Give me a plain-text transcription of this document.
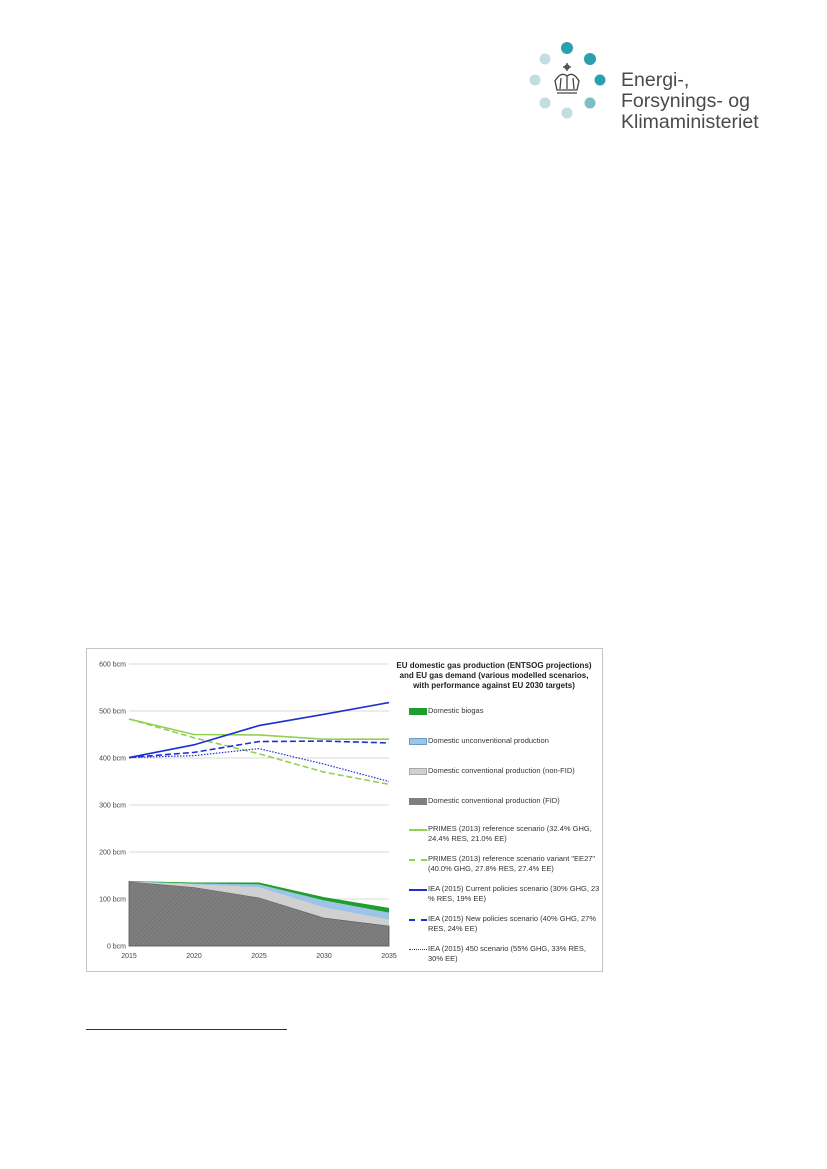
Energi-,
Forsynings- og
Klimaministeriet
0 bcm
100 bcm
200 bcm
300 bcm
400 bcm
500 bcm
600 bcm
2015	2020	2025	2030	2035
EU domestic gas production (ENTSOG projections)
and EU gas demand (various modelled scenarios,
with performance against EU 2030 targets)
Domestic biogas
Domestic unconventional production
Domestic conventional production (non-FID)
Domestic conventional production (FID)
PRIMES (2013) reference scenario (32.4% GHG, 24.4% RES, 21.0% EE)
PRIMES (2013) reference scenario variant "EE27" (40.0% GHG, 27.8% RES, 27.4% EE)
IEA (2015) Current policies scenario (30% GHG, 23 % RES, 19% EE)
IEA (2015) New policies scenario (40% GHG, 27% RES, 24% EE)
IEA (2015) 450 scenario (55% GHG, 33% RES, 30% EE)
